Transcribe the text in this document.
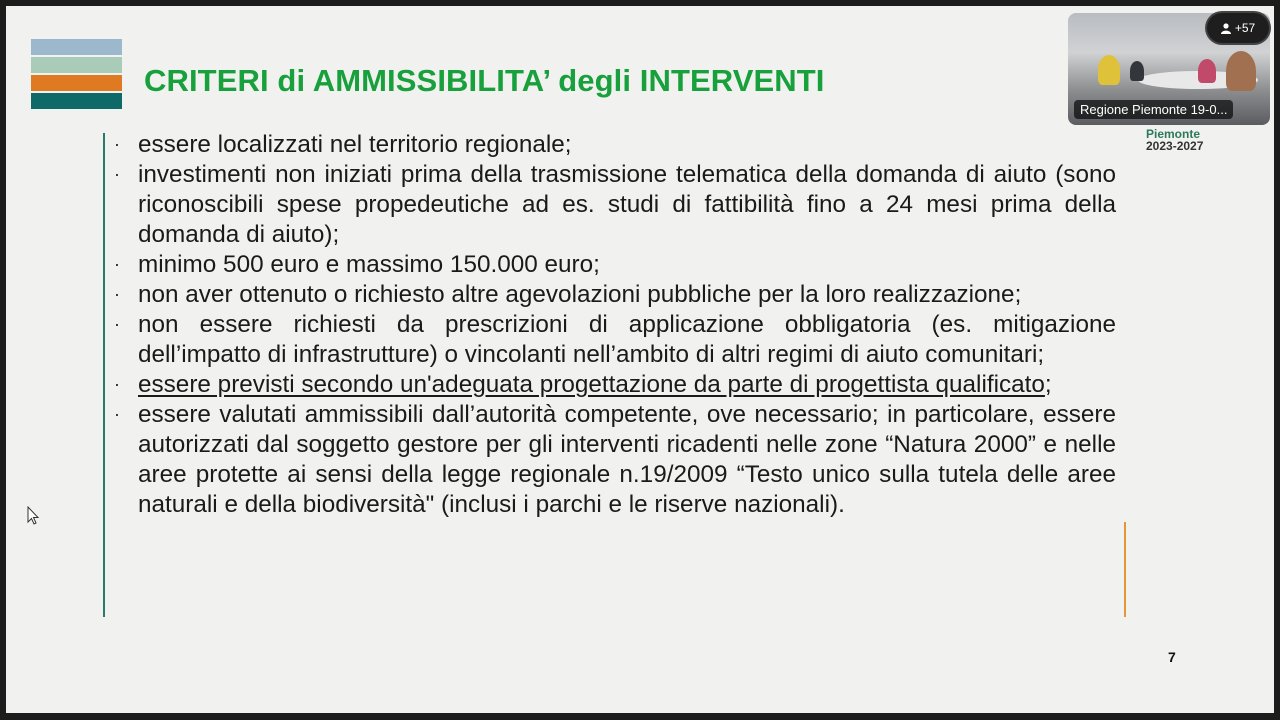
CRITERI di AMMISSIBILITA’ degli INTERVENTI
· essere localizzati nel territorio regionale;
· investimenti non iniziati prima della trasmissione telematica della domanda di aiuto (sono riconoscibili spese propedeutiche ad es. studi di fattibilità fino a 24 mesi prima della domanda di aiuto);
· minimo 500 euro e massimo 150.000 euro;
· non aver ottenuto o richiesto altre agevolazioni pubbliche per la loro realizzazione;
· non essere richiesti da prescrizioni di applicazione obbligatoria (es. mitigazione dell’impatto di infrastrutture) o vincolanti nell’ambito di altri regimi di aiuto comunitari;
· essere previsti secondo un'adeguata progettazione da parte di progettista qualificato;
· essere valutati ammissibili dall’autorità competente, ove necessario; in particolare, essere autorizzati dal soggetto gestore per gli interventi ricadenti nelle zone “Natura 2000” e nelle aree protette ai sensi della legge regionale n.19/2009 “Testo unico sulla tutela delle aree naturali e della biodiversità" (inclusi i parchi e le riserve nazionali).
Piemonte
2023-2027
7
Regione Piemonte 19-0...
+57
